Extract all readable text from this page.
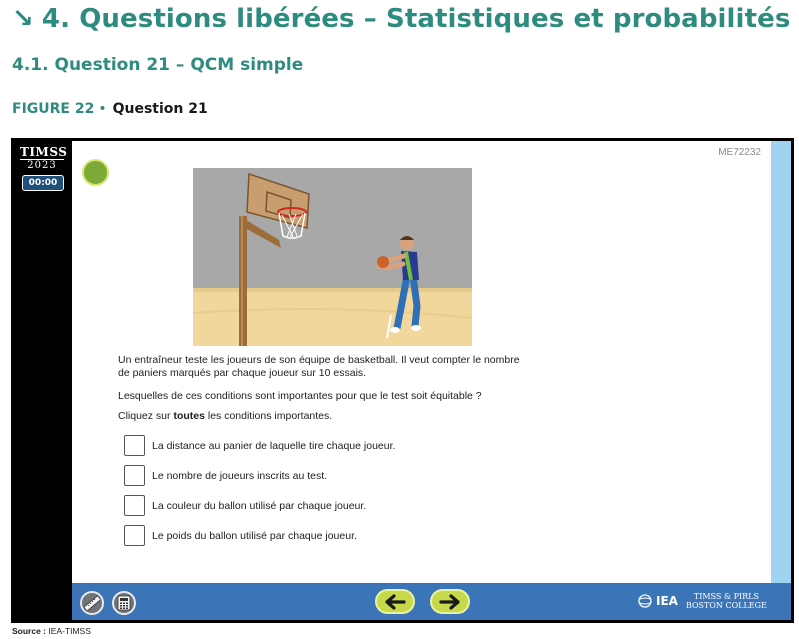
↘ 4. Questions libérées – Statistiques et probabilités
4.1. Question 21 – QCM simple
FIGURE 22 • Question 21
TIMSS
2023
00:00
ME72232
Un entraîneur teste les joueurs de son équipe de basketball. Il veut compter le nombre
de paniers marqués par chaque joueur sur 10 essais.
Lesquelles de ces conditions sont importantes pour que le test soit équitable ?
Cliquez sur toutes les conditions importantes.
La distance au panier de laquelle tire chaque joueur.
Le nombre de joueurs inscrits au test.
La couleur du ballon utilisé par chaque joueur.
Le poids du ballon utilisé par chaque joueur.
IEA	TIMSS & PIRLS
BOSTON COLLEGE
Source : IEA-TIMSS
